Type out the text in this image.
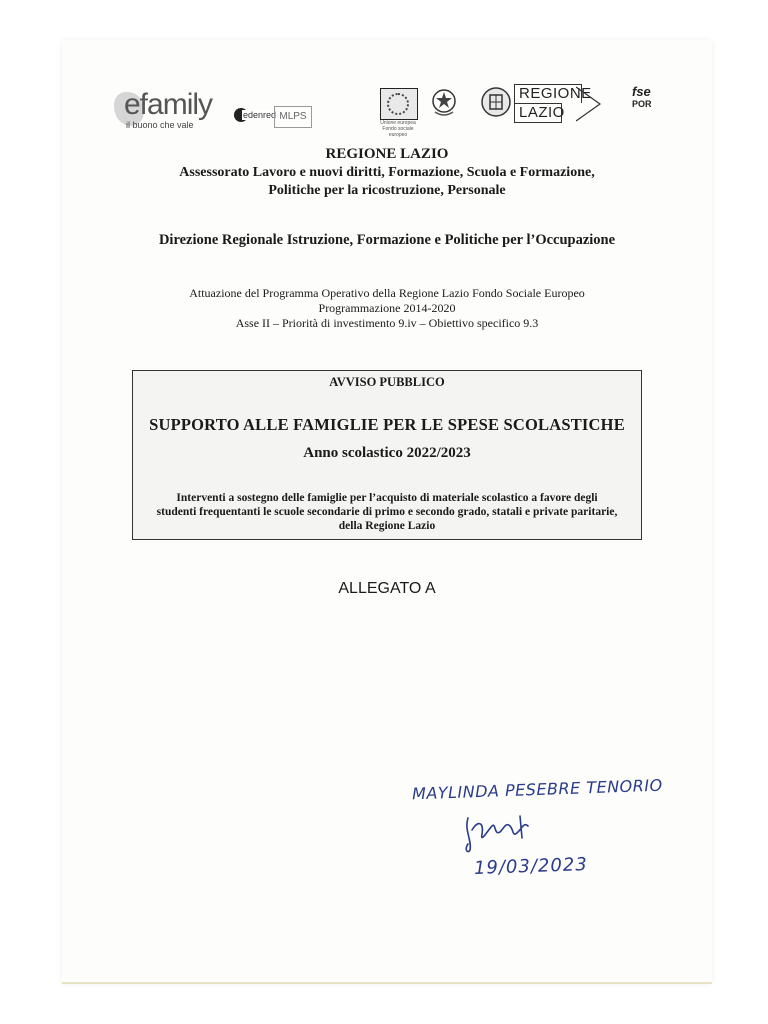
efamily
il buono che vale
edenred MLPS
Unione europea Fondo sociale europeo
REGIONE
LAZIO
fse
POR
REGIONE LAZIO
Assessorato Lavoro e nuovi diritti, Formazione, Scuola e Formazione,
Politiche per la ricostruzione, Personale
Direzione Regionale Istruzione, Formazione e Politiche per l’Occupazione
Attuazione del Programma Operativo della Regione Lazio Fondo Sociale Europeo
Programmazione 2014-2020
Asse II – Priorità di investimento 9.iv – Obiettivo specifico 9.3
AVVISO PUBBLICO
SUPPORTO ALLE FAMIGLIE PER LE SPESE SCOLASTICHE
Anno scolastico 2022/2023
Interventi a sostegno delle famiglie per l’acquisto di materiale scolastico a favore degli
studenti frequentanti le scuole secondarie di primo e secondo grado, statali e private paritarie,
della Regione Lazio
ALLEGATO A
MAYLINDA PESEBRE TENORIO
19/03/2023
